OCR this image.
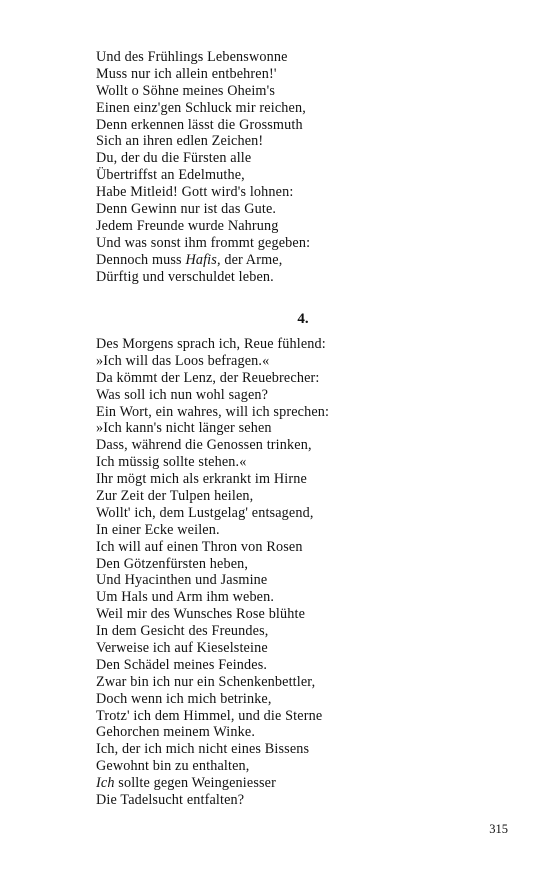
Und des Frühlings Lebenswonne
Muss nur ich allein entbehren!'
Wollt o Söhne meines Oheim's
Einen einz'gen Schluck mir reichen,
Denn erkennen lässt die Grossmuth
Sich an ihren edlen Zeichen!
Du, der du die Fürsten alle
Übertriffst an Edelmuthe,
Habe Mitleid! Gott wird's lohnen:
Denn Gewinn nur ist das Gute.
Jedem Freunde wurde Nahrung
Und was sonst ihm frommt gegeben:
Dennoch muss Hafis, der Arme,
Dürftig und verschuldet leben.
4.
Des Morgens sprach ich, Reue fühlend:
»Ich will das Loos befragen.«
Da kömmt der Lenz, der Reuebrecher:
Was soll ich nun wohl sagen?
Ein Wort, ein wahres, will ich sprechen:
»Ich kann's nicht länger sehen
Dass, während die Genossen trinken,
Ich müssig sollte stehen.«
Ihr mögt mich als erkrankt im Hirne
Zur Zeit der Tulpen heilen,
Wollt' ich, dem Lustgelag' entsagend,
In einer Ecke weilen.
Ich will auf einen Thron von Rosen
Den Götzenfürsten heben,
Und Hyacinthen und Jasmine
Um Hals und Arm ihm weben.
Weil mir des Wunsches Rose blühte
In dem Gesicht des Freundes,
Verweise ich auf Kieselsteine
Den Schädel meines Feindes.
Zwar bin ich nur ein Schenkenbettler,
Doch wenn ich mich betrinke,
Trotz' ich dem Himmel, und die Sterne
Gehorchen meinem Winke.
Ich, der ich mich nicht eines Bissens
Gewohnt bin zu enthalten,
Ich sollte gegen Weingeniesser
Die Tadelsucht entfalten?
315
